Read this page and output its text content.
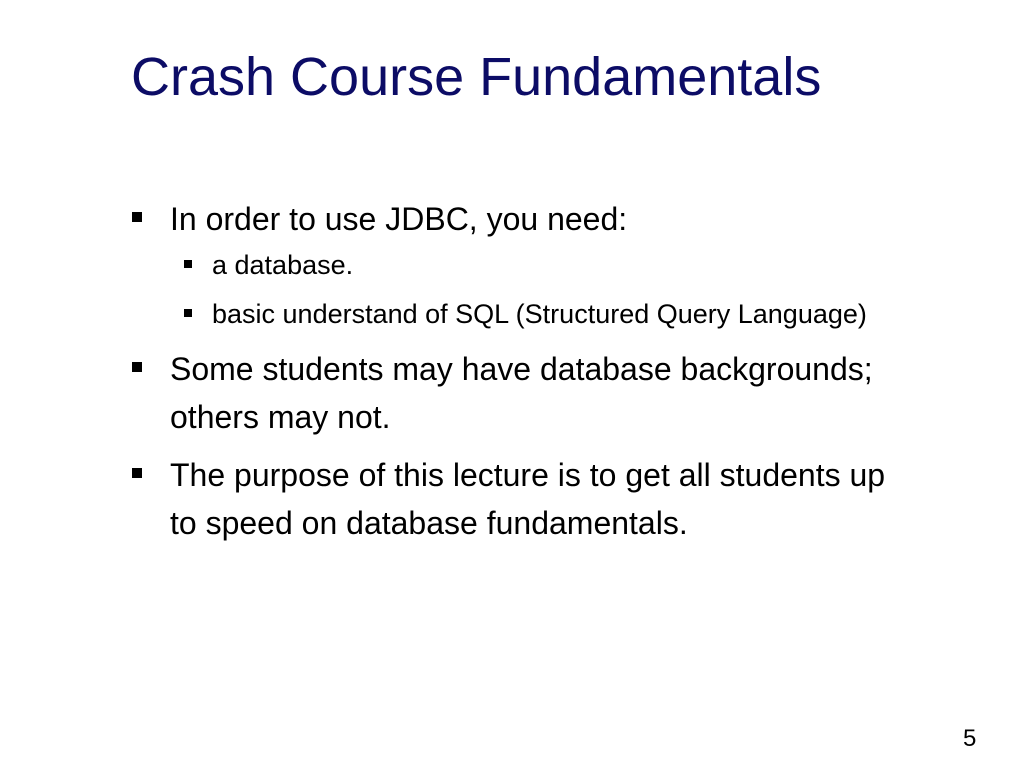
Crash Course Fundamentals
In order to use JDBC, you need:
a database.
basic understand of SQL (Structured Query Language)
Some students may have database backgrounds; others may not.
The purpose of this lecture is to get all students up to speed on database fundamentals.
5
